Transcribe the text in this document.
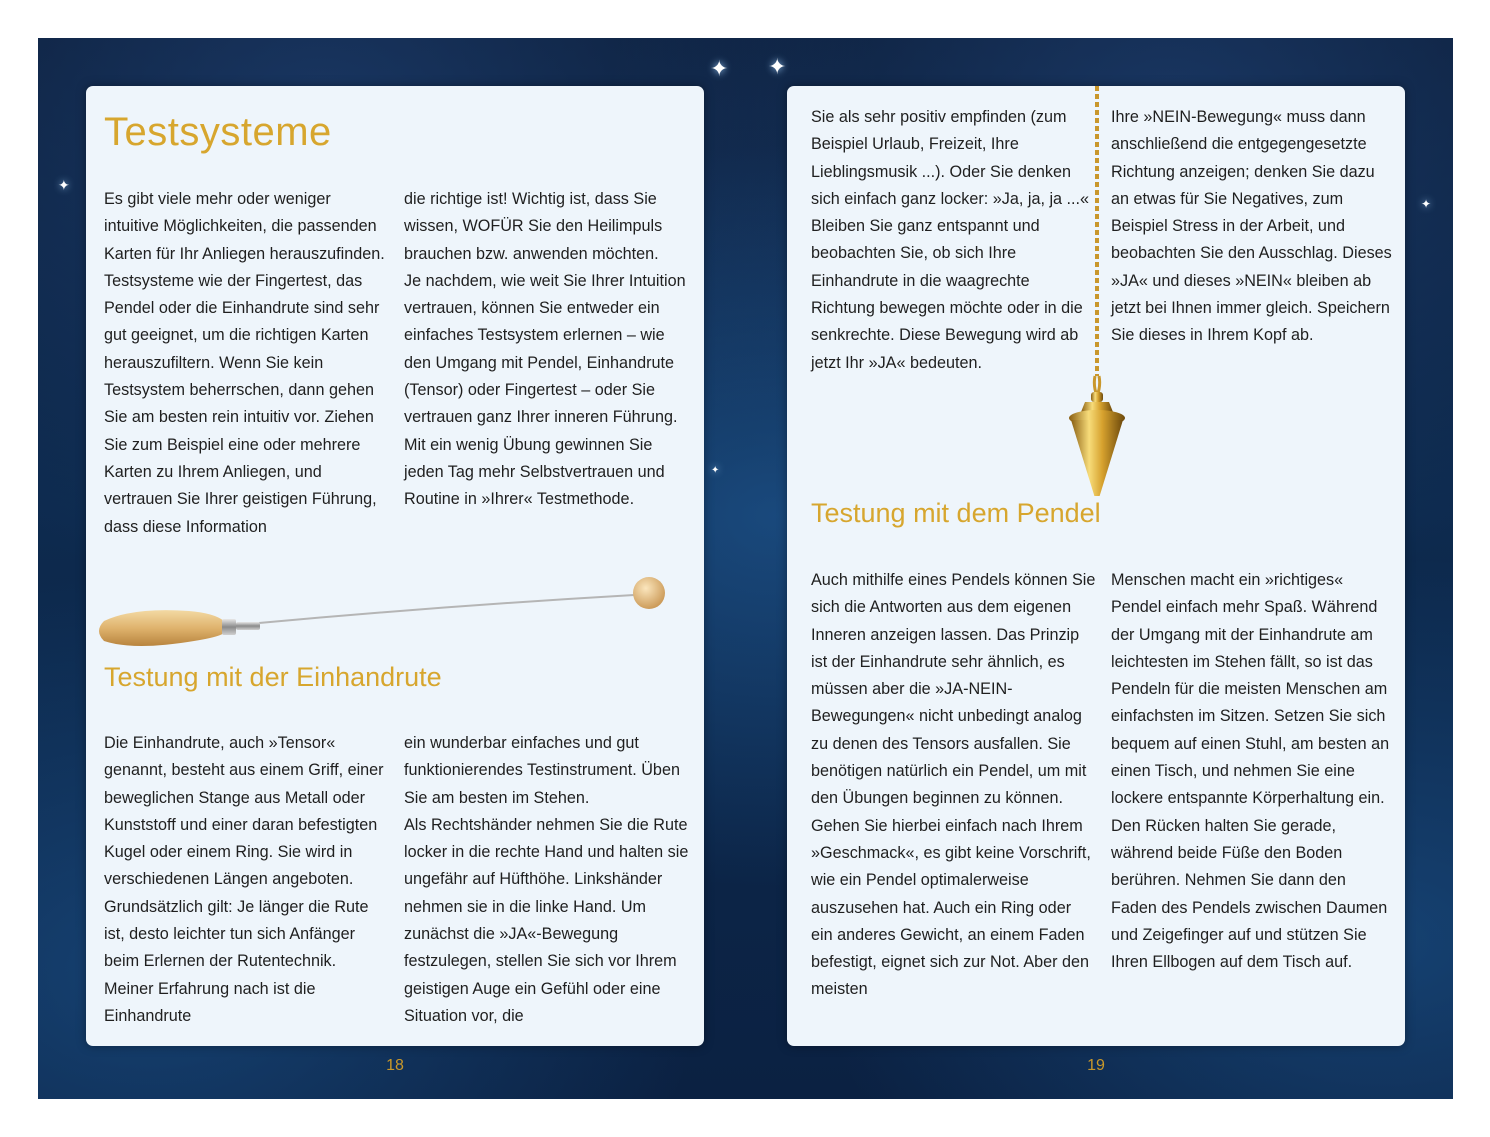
✦ ✦
✦
✦
✦
Testsysteme

Es gibt viele mehr oder weniger intuitive Möglichkeiten, die passenden Karten für Ihr Anliegen herauszufinden. Testsysteme wie der Fingertest, das Pendel oder die Einhandrute sind sehr gut geeignet, um die richtigen Karten herauszufiltern. Wenn Sie kein Testsystem beherrschen, dann gehen Sie am besten rein intuitiv vor. Ziehen Sie zum Beispiel eine oder mehrere Karten zu Ihrem Anliegen, und vertrauen Sie Ihrer geistigen Führung, dass diese Information

die richtige ist! Wichtig ist, dass Sie wissen, WOFÜR Sie den Heilimpuls brauchen bzw. anwenden möchten.

Je nachdem, wie weit Sie Ihrer Intuition vertrauen, können Sie entweder ein einfaches Testsystem erlernen – wie den Umgang mit Pendel, Einhandrute (Tensor) oder Fingertest – oder Sie vertrauen ganz Ihrer inneren Führung. Mit ein wenig Übung gewinnen Sie jeden Tag mehr Selbstvertrauen und Routine in »Ihrer« Testmethode.

Testung mit der Einhandrute

Die Einhandrute, auch »Tensor« genannt, besteht aus einem Griff, einer beweglichen Stange aus Metall oder Kunststoff und einer daran befestigten Kugel oder einem Ring. Sie wird in verschiedenen Längen angeboten. Grundsätzlich gilt: Je länger die Rute ist, desto leichter tun sich Anfänger beim Erlernen der Rutentechnik. Meiner Erfahrung nach ist die Einhandrute

ein wunderbar einfaches und gut funktionierendes Testinstrument. Üben Sie am besten im Stehen.

Als Rechtshänder nehmen Sie die Rute locker in die rechte Hand und halten sie ungefähr auf Hüfthöhe. Linkshänder nehmen sie in die linke Hand. Um zunächst die »JA«-Bewegung festzulegen, stellen Sie sich vor Ihrem geistigen Auge ein Gefühl oder eine Situation vor, die

18

Sie als sehr positiv empfinden (zum Beispiel Urlaub, Freizeit, Ihre Lieblingsmusik ...). Oder Sie denken sich einfach ganz locker: »Ja, ja, ja ...« Bleiben Sie ganz entspannt und beobachten Sie, ob sich Ihre Einhandrute in die waagrechte Richtung bewegen möchte oder in die senkrechte. Diese Bewegung wird ab jetzt Ihr »JA« bedeuten.

Ihre »NEIN-Bewegung« muss dann anschließend die entgegengesetzte Richtung anzeigen; denken Sie dazu an etwas für Sie Negatives, zum Beispiel Stress in der Arbeit, und beobachten Sie den Ausschlag. Dieses »JA« und dieses »NEIN« bleiben ab jetzt bei Ihnen immer gleich. Speichern Sie dieses in Ihrem Kopf ab.

Testung mit dem Pendel

Auch mithilfe eines Pendels können Sie sich die Antworten aus dem eigenen Inneren anzeigen lassen. Das Prinzip ist der Einhandrute sehr ähnlich, es müssen aber die »JA-NEIN-Bewegungen« nicht unbedingt analog zu denen des Tensors ausfallen. Sie benötigen natürlich ein Pendel, um mit den Übungen beginnen zu können. Gehen Sie hierbei einfach nach Ihrem »Geschmack«, es gibt keine Vorschrift, wie ein Pendel optimalerweise auszusehen hat. Auch ein Ring oder ein anderes Gewicht, an einem Faden befestigt, eignet sich zur Not. Aber den meisten

Menschen macht ein »richtiges« Pendel einfach mehr Spaß. Während der Umgang mit der Einhandrute am leichtesten im Stehen fällt, so ist das Pendeln für die meisten Menschen am einfachsten im Sitzen. Setzen Sie sich bequem auf einen Stuhl, am besten an einen Tisch, und nehmen Sie eine lockere entspannte Körperhaltung ein. Den Rücken halten Sie gerade, während beide Füße den Boden berühren. Nehmen Sie dann den Faden des Pendels zwischen Daumen und Zeigefinger auf und stützen Sie Ihren Ellbogen auf dem Tisch auf.

19
